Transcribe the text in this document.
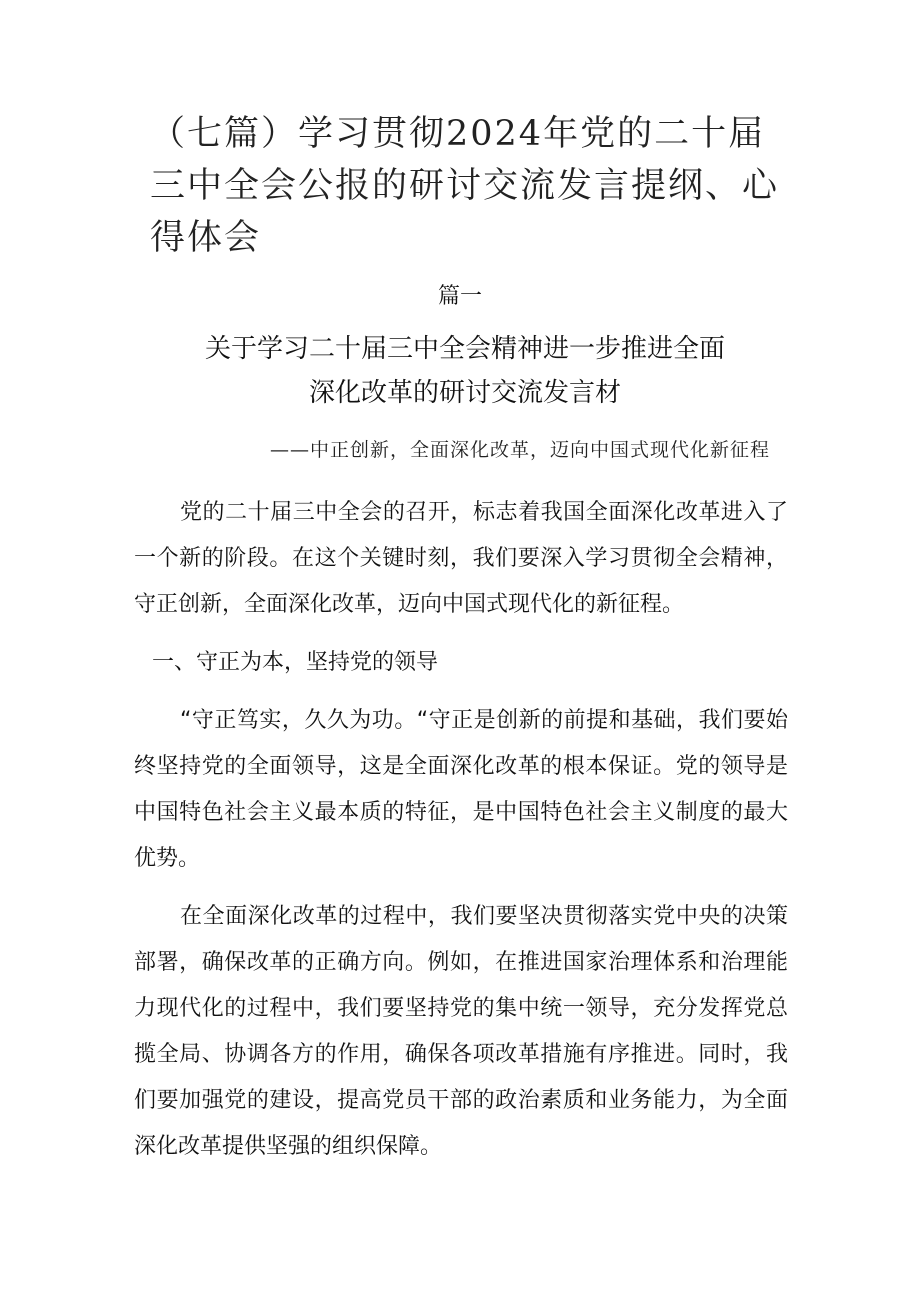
（七篇）学习贯彻2024年党的二十届三中全会公报的研讨交流发言提纲、心得体会

篇一

关于学习二十届三中全会精神进一步推进全面
深化改革的研讨交流发言材

——中正创新，全面深化改革，迈向中国式现代化新征程

党的二十届三中全会的召开，标志着我国全面深化改革进入了一个新的阶段。在这个关键时刻，我们要深入学习贯彻全会精神，守正创新，全面深化改革，迈向中国式现代化的新征程。

一、守正为本，坚持党的领导

“守正笃实，久久为功。“守正是创新的前提和基础，我们要始终坚持党的全面领导，这是全面深化改革的根本保证。党的领导是中国特色社会主义最本质的特征，是中国特色社会主义制度的最大优势。

在全面深化改革的过程中，我们要坚决贯彻落实党中央的决策部署，确保改革的正确方向。例如，在推进国家治理体系和治理能力现代化的过程中，我们要坚持党的集中统一领导，充分发挥党总揽全局、协调各方的作用，确保各项改革措施有序推进。同时，我们要加强党的建设，提高党员干部的政治素质和业务能力，为全面深化改革提供坚强的组织保障。
